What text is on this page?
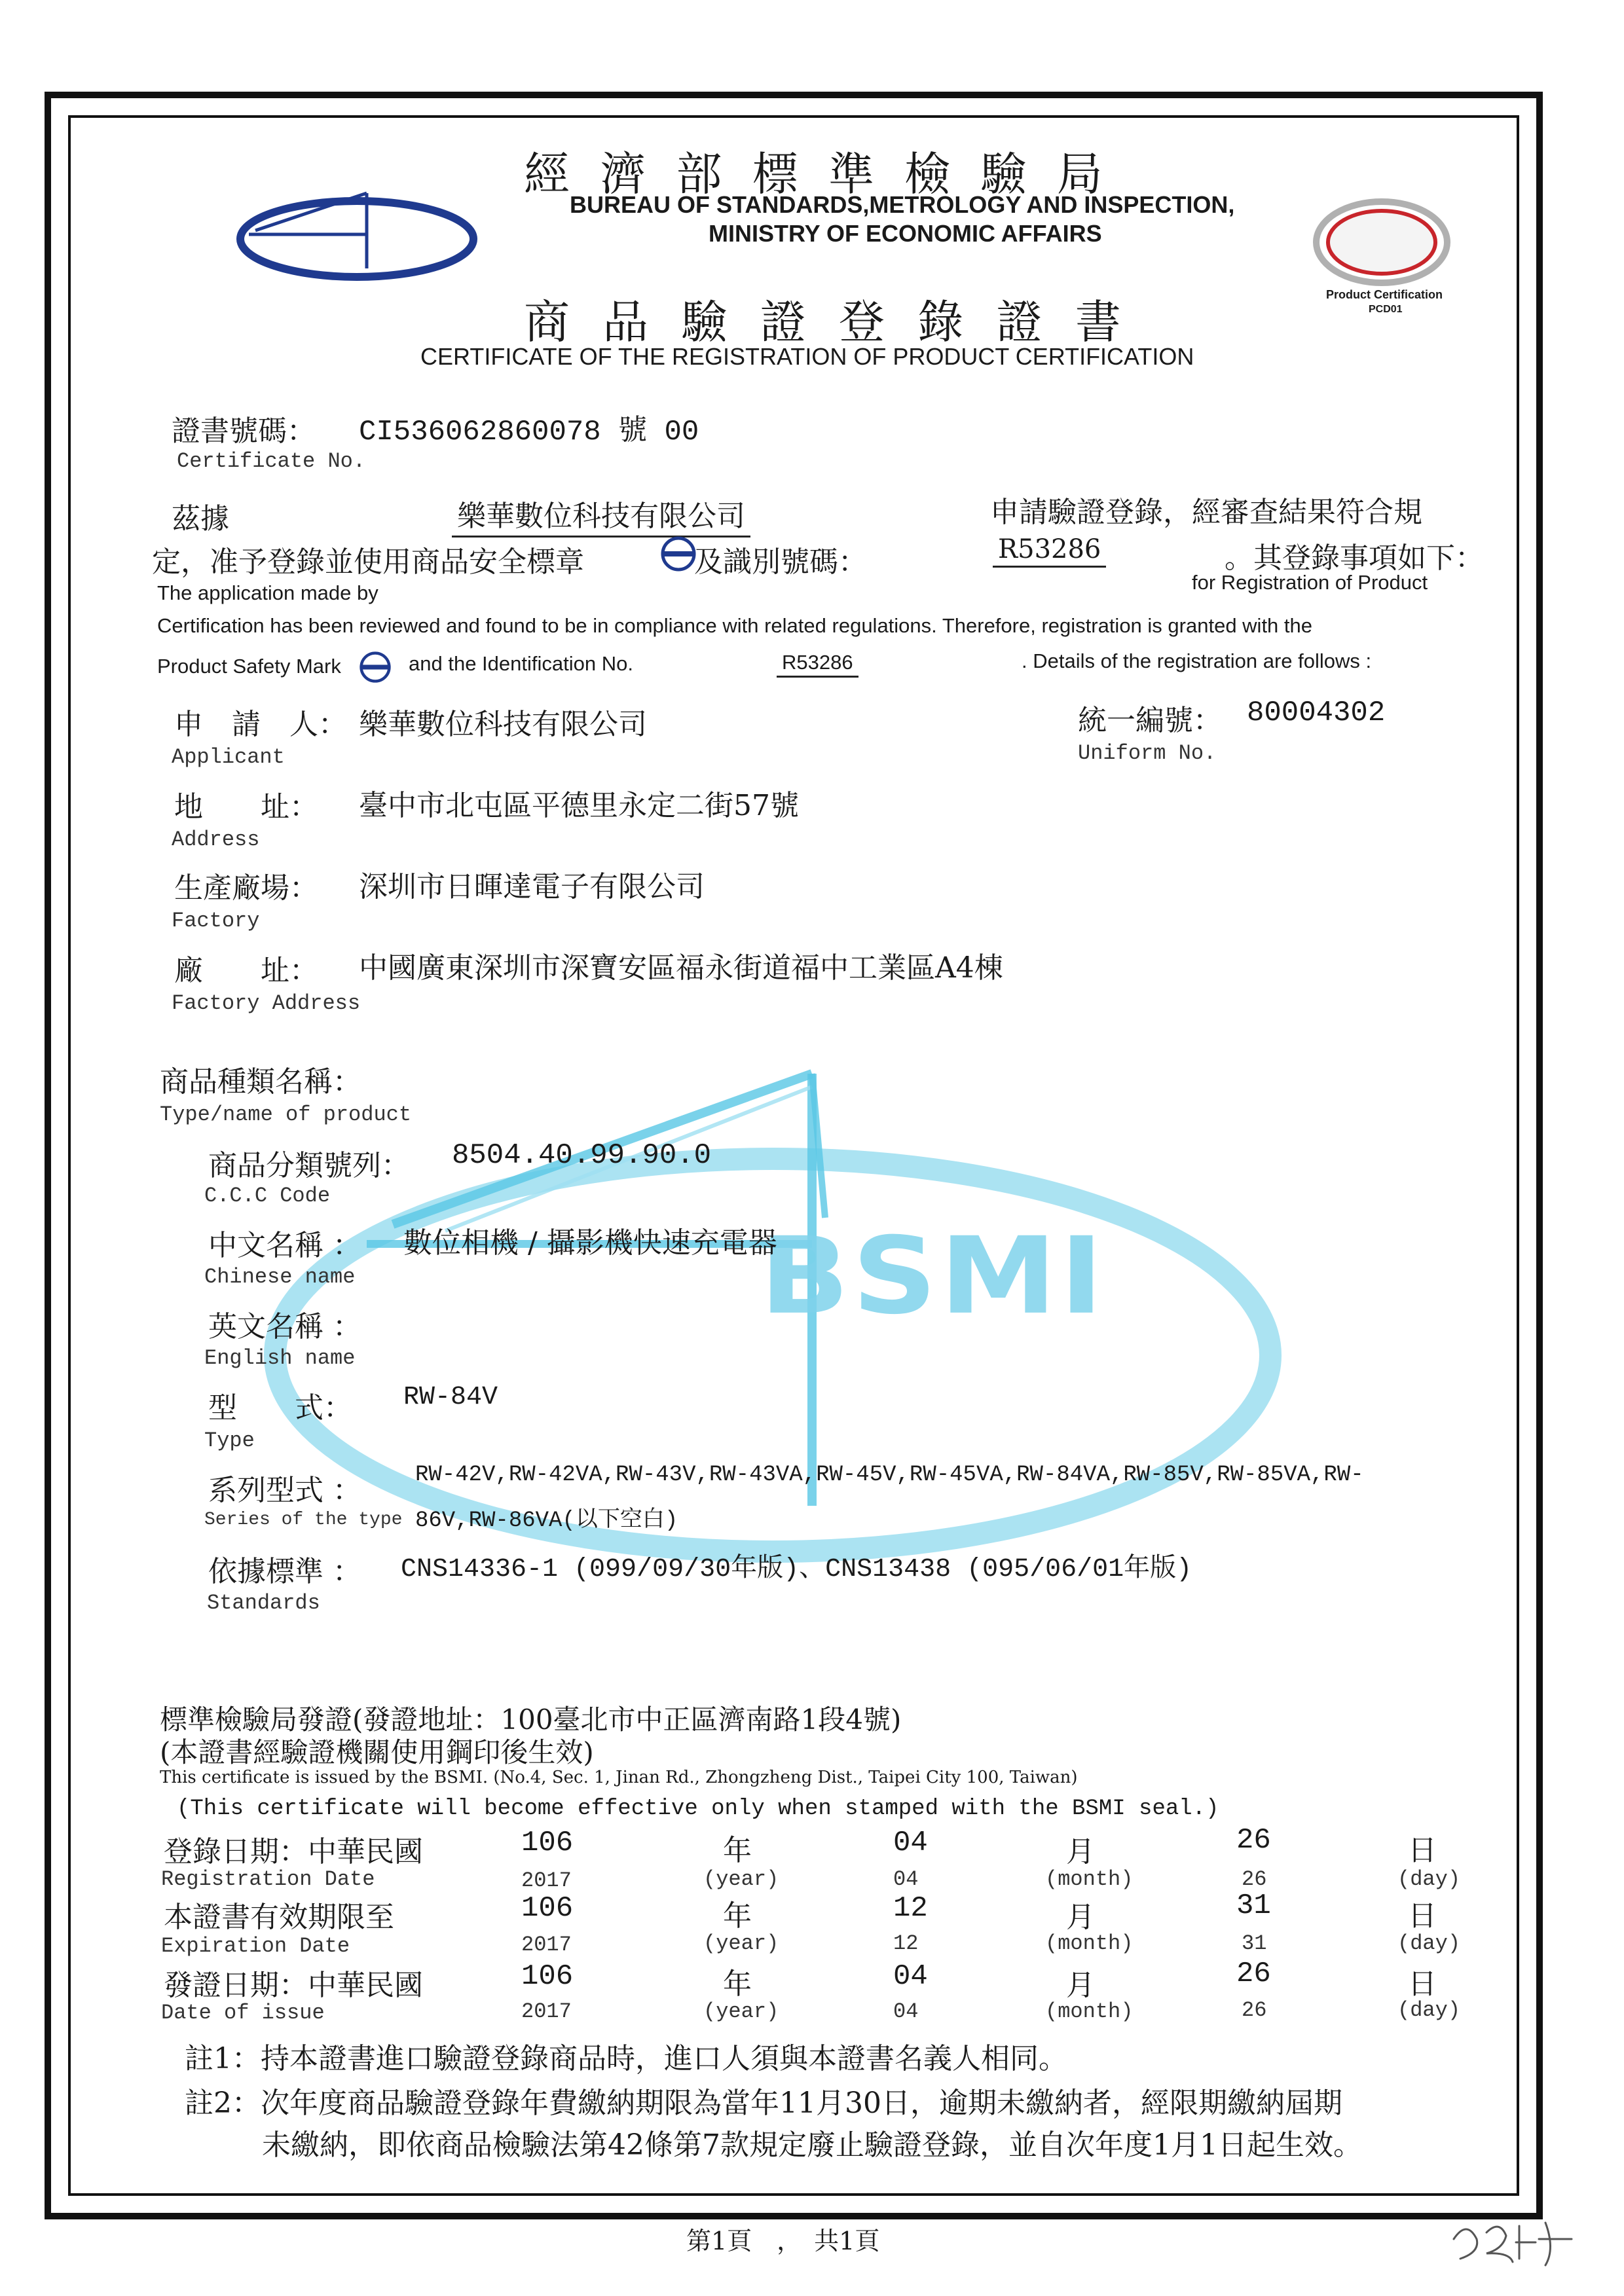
BSMI
Product Certification
PCD01
經 濟 部 標 準 檢 驗 局
BUREAU OF STANDARDS,METROLOGY AND INSPECTION,
MINISTRY OF ECONOMIC AFFAIRS
商 品 驗 證 登 錄 證 書
CERTIFICATE OF THE REGISTRATION OF PRODUCT CERTIFICATION
證書號碼： CI536062860078 號 00
Certificate No.
茲據	樂華數位科技有限公司	申請驗證登錄，經審查結果符合規
定，准予登錄並使用商品安全標章	及識別號碼：	R53286	。其登錄事項如下：
The application made by	for Registration of Product
Certification has been reviewed and found to be in compliance with related regulations. Therefore, registration is granted with the
Product Safety Mark	and the Identification No.	R53286	. Details of the registration are follows :
申　請　人： 樂華數位科技有限公司
Applicant
統一編號： 80004302
Uniform No.
地　　址： 臺中市北屯區平德里永定二街57號
Address
生產廠場： 深圳市日暉達電子有限公司
Factory
廠　　址： 中國廣東深圳市深寶安區福永街道福中工業區A4棟
Factory Address
商品種類名稱：
Type/name of product
商品分類號列： 8504.40.99.90.0
C.C.C Code
中文名稱 ： 數位相機 / 攝影機快速充電器
Chinese name
英文名稱 ：
English name
型　　式： RW-84V
Type
系列型式 ： RW-42V,RW-42VA,RW-43V,RW-43VA,RW-45V,RW-45VA,RW-84VA,RW-85V,RW-85VA,RW-
Series of the type 86V,RW-86VA(以下空白)
依據標準 ： CNS14336-1 (099/09/30年版)、CNS13438 (095/06/01年版)
Standards
標準檢驗局發證(發證地址：100臺北市中正區濟南路1段4號)
(本證書經驗證機關使用鋼印後生效)
This certificate is issued by the BSMI. (No.4, Sec. 1, Jinan Rd., Zhongzheng Dist., Taipei City 100, Taiwan)
(This certificate will become effective only when stamped with the BSMI seal.)
登錄日期：中華民國	106	年	04	月	26	日
Registration Date	2017	(year)	04	(month)	26	(day)
本證書有效期限至	106	年	12	月	31	日
Expiration Date	2017	(year)	12	(month)	31	(day)
發證日期：中華民國	106	年	04	月	26	日
Date of issue	2017	(year)	04	(month)	26	(day)
註1：持本證書進口驗證登錄商品時，進口人須與本證書名義人相同。
註2：次年度商品驗證登錄年費繳納期限為當年11月30日，逾期未繳納者，經限期繳納屆期
未繳納，即依商品檢驗法第42條第7款規定廢止驗證登錄，並自次年度1月1日起生效。
第1頁　，　共1頁
